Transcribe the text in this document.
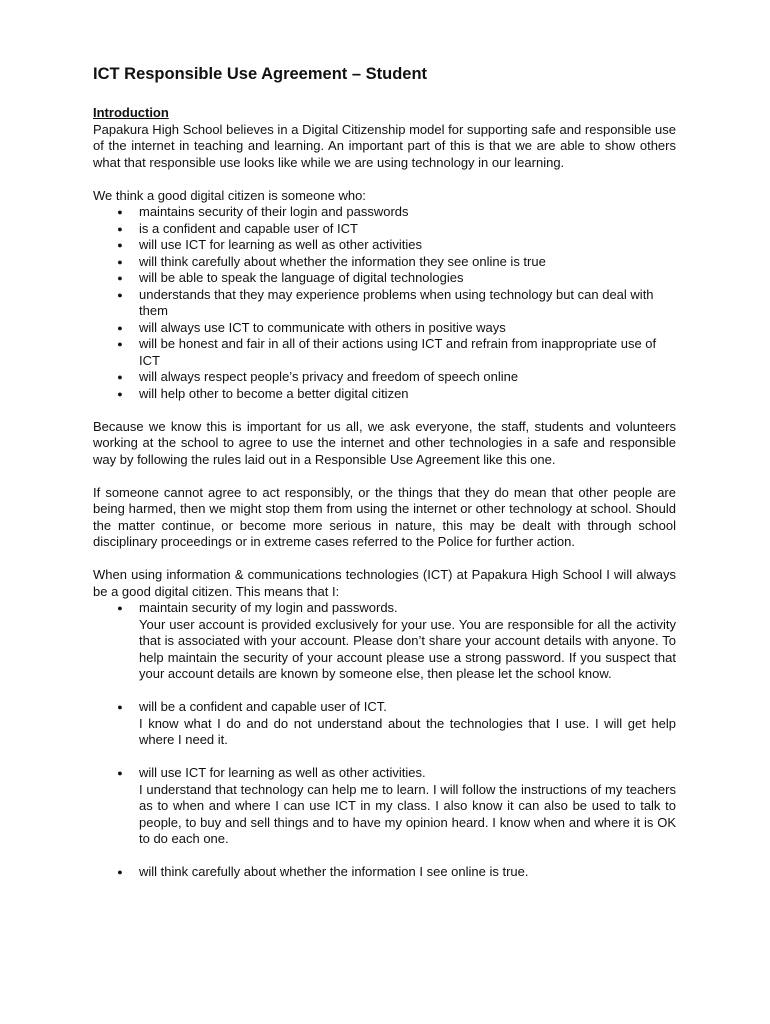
ICT Responsible Use Agreement – Student

Introduction

Papakura High School believes in a Digital Citizenship model for supporting safe and responsible use of the internet in teaching and learning. An important part of this is that we are able to show others what that responsible use looks like while we are using technology in our learning.

We think a good digital citizen is someone who:

● maintains security of their login and passwords
● is a confident and capable user of ICT
● will use ICT for learning as well as other activities
● will think carefully about whether the information they see online is true
● will be able to speak the language of digital technologies
● understands that they may experience problems when using technology but can deal with them
● will always use ICT to communicate with others in positive ways
● will be honest and fair in all of their actions using ICT and refrain from inappropriate use of ICT
● will always respect people’s privacy and freedom of speech online
● will help other to become a better digital citizen

Because we know this is important for us all, we ask everyone, the staff, students and volunteers working at the school to agree to use the internet and other technologies in a safe and responsible way by following the rules laid out in a Responsible Use Agreement like this one.

If someone cannot agree to act responsibly, or the things that they do mean that other people are being harmed, then we might stop them from using the internet or other technology at school. Should the matter continue, or become more serious in nature, this may be dealt with through school disciplinary proceedings or in extreme cases referred to the Police for further action.

When using information & communications technologies (ICT) at Papakura High School I will always be a good digital citizen. This means that I:

● maintain security of my login and passwords.
Your user account is provided exclusively for your use. You are responsible for all the activity that is associated with your account. Please don’t share your account details with anyone. To help maintain the security of your account please use a strong password. If you suspect that your account details are known by someone else, then please let the school know.
● will be a confident and capable user of ICT.
I know what I do and do not understand about the technologies that I use. I will get help where I need it.
● will use ICT for learning as well as other activities.
I understand that technology can help me to learn. I will follow the instructions of my teachers as to when and where I can use ICT in my class. I also know it can also be used to talk to people, to buy and sell things and to have my opinion heard. I know when and where it is OK to do each one.
● will think carefully about whether the information I see online is true.
